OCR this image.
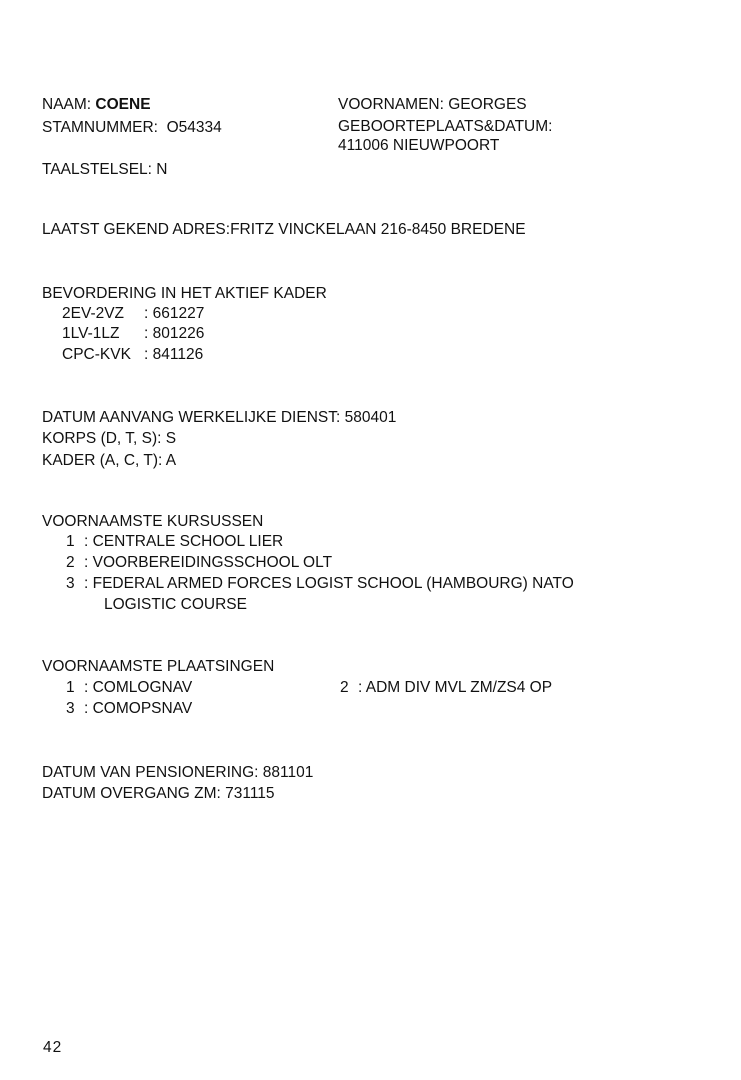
NAAM: COENE
STAMNUMMER: O54334
VOORNAMEN: GEORGES
GEBOORTEPLAATS&DATUM:
411006 NIEUWPOORT
TAALSTELSEL: N
LAATST GEKEND ADRES:FRITZ VINCKELAAN 216-8450 BREDENE
BEVORDERING IN HET AKTIEF KADER
2EV-2VZ : 661227
1LV-1LZ : 801226
CPC-KVK : 841126
DATUM AANVANG WERKELIJKE DIENST: 580401
KORPS (D, T, S): S
KADER (A, C, T): A
VOORNAAMSTE KURSUSSEN
1 : CENTRALE SCHOOL LIER
2 : VOORBEREIDINGSSCHOOL OLT
3 : FEDERAL ARMED FORCES LOGIST SCHOOL (HAMBOURG) NATO
LOGISTIC COURSE
VOORNAAMSTE PLAATSINGEN
1 : COMLOGNAV	2 : ADM DIV MVL ZM/ZS4 OP
3 : COMOPSNAV
DATUM VAN PENSIONERING: 881101
DATUM OVERGANG ZM: 731115
42
